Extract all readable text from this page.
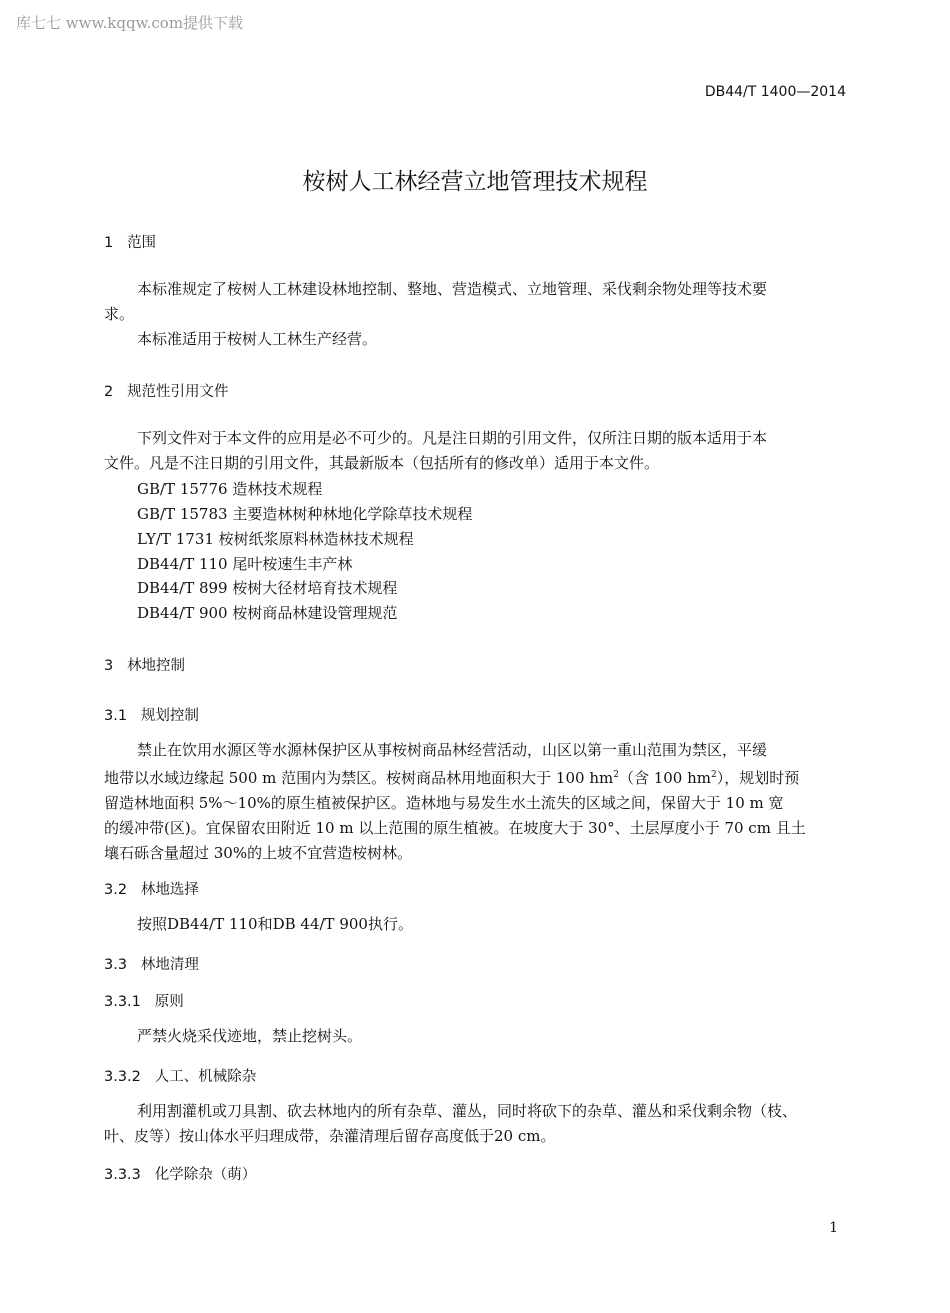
库七七 www.kqqw.com提供下载
DB44/T 1400—2014
桉树人工林经营立地管理技术规程
1 范围
本标准规定了桉树人工林建设林地控制、整地、营造模式、立地管理、采伐剩余物处理等技术要
求。
本标准适用于桉树人工林生产经营。
2 规范性引用文件
下列文件对于本文件的应用是必不可少的。凡是注日期的引用文件，仅所注日期的版本适用于本
文件。凡是不注日期的引用文件，其最新版本（包括所有的修改单）适用于本文件。
GB/T 15776 造林技术规程
GB/T 15783 主要造林树种林地化学除草技术规程
LY/T 1731 桉树纸浆原料林造林技术规程
DB44/T 110 尾叶桉速生丰产林
DB44/T 899 桉树大径材培育技术规程
DB44/T 900 桉树商品林建设管理规范
3 林地控制
3.1 规划控制
禁止在饮用水源区等水源林保护区从事桉树商品林经营活动，山区以第一重山范围为禁区，平缓
地带以水域边缘起 500 m 范围内为禁区。桉树商品林用地面积大于 100 $hm^2$（含 100 $hm^2$），规划时预
留造林地面积 5%～10%的原生植被保护区。造林地与易发生水土流失的区域之间，保留大于 10 m 宽
的缓冲带(区)。宜保留农田附近 10 m 以上范围的原生植被。在坡度大于 30°、土层厚度小于 70 cm 且土
壤石砾含量超过 30%的上坡不宜营造桉树林。
3.2 林地选择
按照DB44/T 110和DB 44/T 900执行。
3.3 林地清理
3.3.1 原则
严禁火烧采伐迹地，禁止挖树头。
3.3.2 人工、机械除杂
利用割灌机或刀具割、砍去林地内的所有杂草、灌丛，同时将砍下的杂草、灌丛和采伐剩余物（枝、
叶、皮等）按山体水平归理成带，杂灌清理后留存高度低于20 cm。
3.3.3 化学除杂（萌）
1
